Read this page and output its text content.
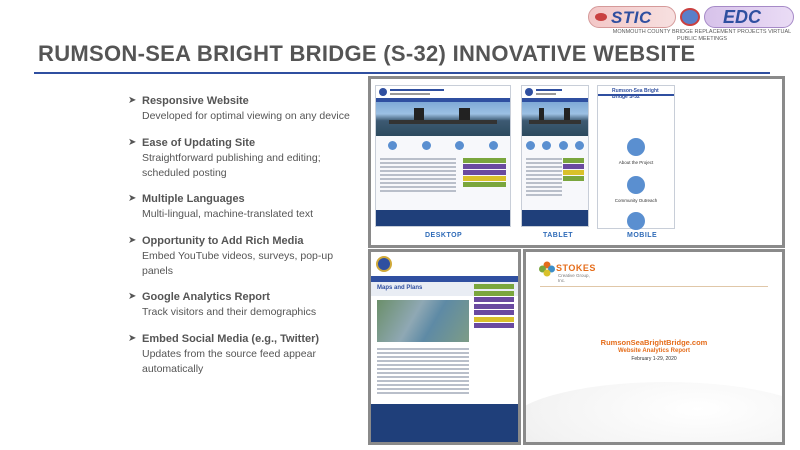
STIC	EDC
MONMOUTH COUNTY BRIDGE REPLACEMENT PROJECTS VIRTUAL PUBLIC MEETINGS
RUMSON-SEA BRIGHT BRIDGE (S-32) INNOVATIVE WEBSITE
➤ Responsive Website
Developed for optimal viewing on any device
➤ Ease of Updating Site
Straightforward publishing and editing; scheduled posting
➤ Multiple Languages
Multi-lingual, machine-translated text
➤ Opportunity to Add Rich Media
Embed YouTube videos, surveys, pop-up panels
➤ Google Analytics Report
Track visitors and their demographics
➤ Embed Social Media (e.g., Twitter)
Updates from the source feed appear automatically
DESKTOP	TABLET
Rumson-Sea Bright Bridge S-32
About the Project
Community Outreach
MOBILE
Maps and Plans
STOKES
Creative Group, Inc.
RumsonSeaBrightBridge.com
Website Analytics Report
February 1-29, 2020
